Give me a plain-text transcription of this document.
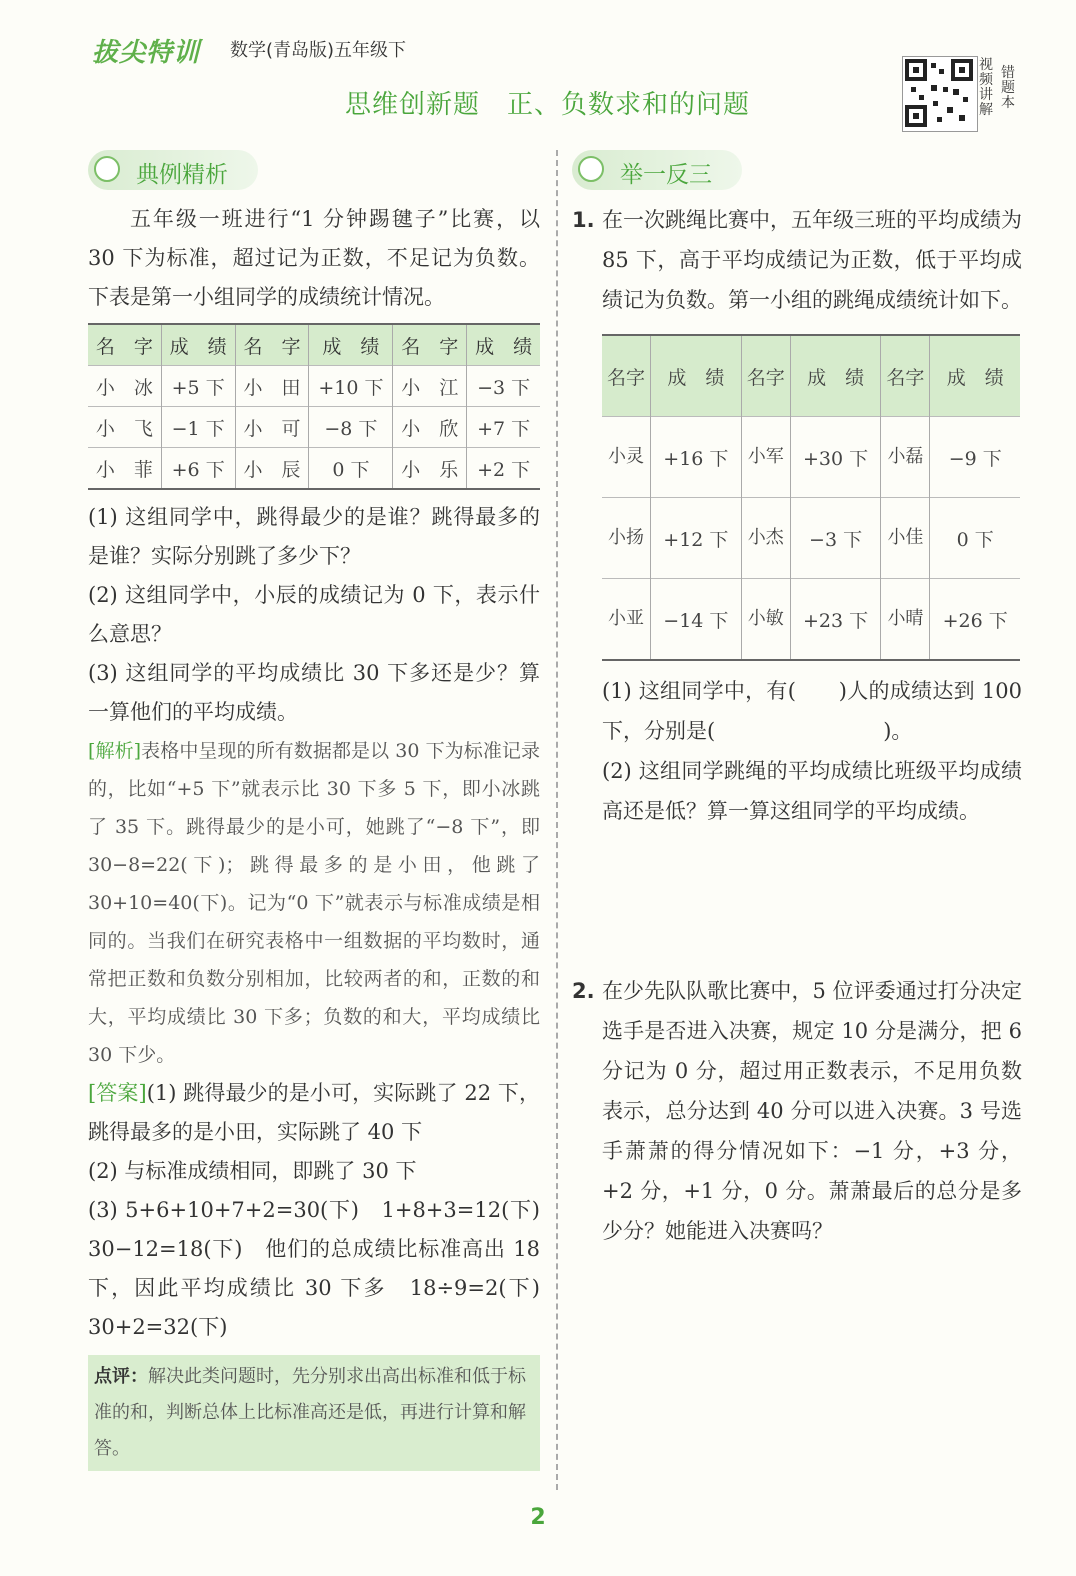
拔尖特训 数学(青岛版)五年级下
思维创新题　正、负数求和的问题
视频讲解
错题本
典例精析

五年级一班进行“1 分钟踢毽子”比赛，以 30 下为标准，超过记为正数，不足记为负数。下表是第一小组同学的成绩统计情况。

名　字	成　绩	名　字	成　绩	名　字	成　绩
小　冰	+5 下	小　田	+10 下	小　江	−3 下
小　飞	−1 下	小　可	−8 下	小　欣	+7 下
小　菲	+6 下	小　辰	0 下	小　乐	+2 下

(1) 这组同学中，跳得最少的是谁？跳得最多的是谁？实际分别跳了多少下？

(2) 这组同学中，小辰的成绩记为 0 下，表示什么意思？

(3) 这组同学的平均成绩比 30 下多还是少？算一算他们的平均成绩。

[解析]表格中呈现的所有数据都是以 30 下为标准记录的，比如“+5 下”就表示比 30 下多 5 下，即小冰跳了 35 下。跳得最少的是小可，她跳了“−8 下”，即 30−8=22(下)；跳得最多的是小田，他跳了 30+10=40(下)。记为“0 下”就表示与标准成绩是相同的。当我们在研究表格中一组数据的平均数时，通常把正数和负数分别相加，比较两者的和，正数的和大，平均成绩比 30 下多；负数的和大，平均成绩比 30 下少。

[答案](1) 跳得最少的是小可，实际跳了 22 下，跳得最多的是小田，实际跳了 40 下

(2) 与标准成绩相同，即跳了 30 下

(3) 5+6+10+7+2=30(下)　1+8+3=12(下)　30−12=18(下)　他们的总成绩比标准高出 18 下，因此平均成绩比 30 下多　18÷9=2(下)　30+2=32(下)

点评：解决此类问题时，先分别求出高出标准和低于标准的和，判断总体上比标准高还是低，再进行计算和解答。
举一反三
1. 在一次跳绳比赛中，五年级三班的平均成绩为 85 下，高于平均成绩记为正数，低于平均成绩记为负数。第一小组的跳绳成绩统计如下。
名字	成　绩	名字	成　绩	名字	成　绩
小灵	+16 下	小军	+30 下	小磊	−9 下
小扬	+12 下	小杰	−3 下	小佳	0 下
小亚	−14 下	小敏	+23 下	小晴	+26 下
(1) 这组同学中，有(　　)人的成绩达到 100 下，分别是(　　　　　　　　)。
(2) 这组同学跳绳的平均成绩比班级平均成绩高还是低？算一算这组同学的平均成绩。
2. 在少先队队歌比赛中，5 位评委通过打分决定选手是否进入决赛，规定 10 分是满分，把 6 分记为 0 分，超过用正数表示，不足用负数表示，总分达到 40 分可以进入决赛。3 号选手萧萧的得分情况如下：−1 分，+3 分，+2 分，+1 分，0 分。萧萧最后的总分是多少分？她能进入决赛吗？
2
